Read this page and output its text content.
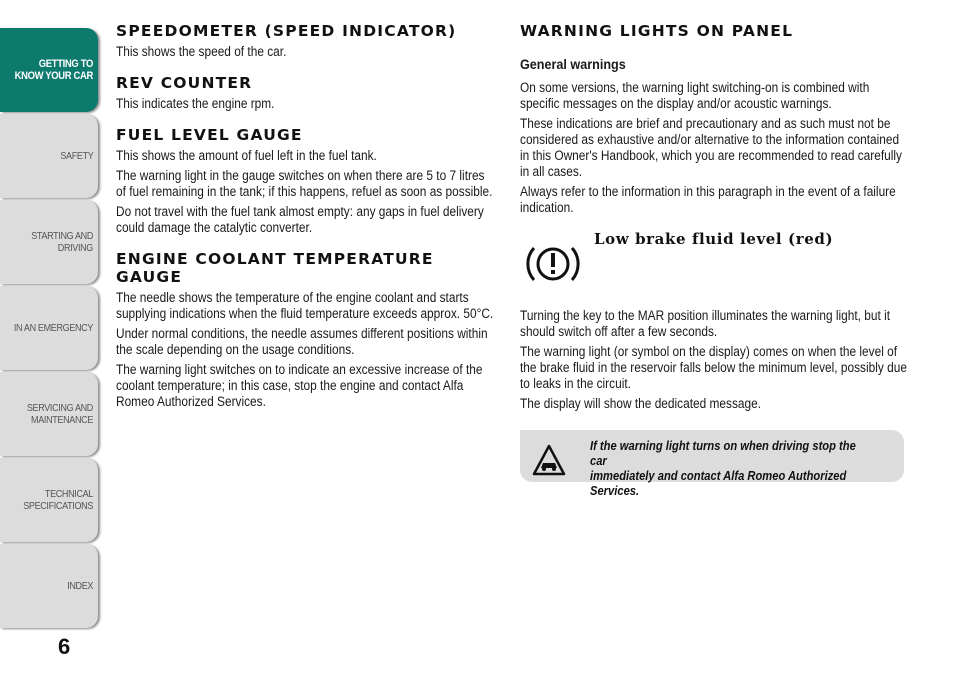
GETTING TO KNOW YOUR CAR
SAFETY
STARTING AND DRIVING
IN AN EMERGENCY
SERVICING AND MAINTENANCE
TECHNICAL SPECIFICATIONS
INDEX
6
SPEEDOMETER (SPEED INDICATOR)

This shows the speed of the car.

REV COUNTER

This indicates the engine rpm.

FUEL LEVEL GAUGE

This shows the amount of fuel left in the fuel tank.

The warning light in the gauge switches on when there are 5 to 7 litres of fuel remaining in the tank; if this happens, refuel as soon as possible.

Do not travel with the fuel tank almost empty: any gaps in fuel delivery could damage the catalytic converter.

ENGINE COOLANT TEMPERATURE GAUGE

The needle shows the temperature of the engine coolant and starts supplying indications when the fluid temperature exceeds approx. 50°C.

Under normal conditions, the needle assumes different positions within the scale depending on the usage conditions.

The warning light switches on to indicate an excessive increase of the coolant temperature; in this case, stop the engine and contact Alfa Romeo Authorized Services.

WARNING LIGHTS ON PANEL
General warnings

On some versions, the warning light switching-on is combined with specific messages on the display and/or acoustic warnings.

These indications are brief and precautionary and as such must not be considered as exhaustive and/or alternative to the information contained in this Owner's Handbook, which you are recommended to read carefully in all cases.

Always refer to the information in this paragraph in the event of a failure indication.

Low brake fluid level (red)

Turning the key to the MAR position illuminates the warning light, but it should switch off after a few seconds.

The warning light (or symbol on the display) comes on when the level of the brake fluid in the reservoir falls below the minimum level, possibly due to leaks in the circuit.

The display will show the dedicated message.

If the warning light turns on when driving stop the car
immediately and contact Alfa Romeo Authorized Services.
